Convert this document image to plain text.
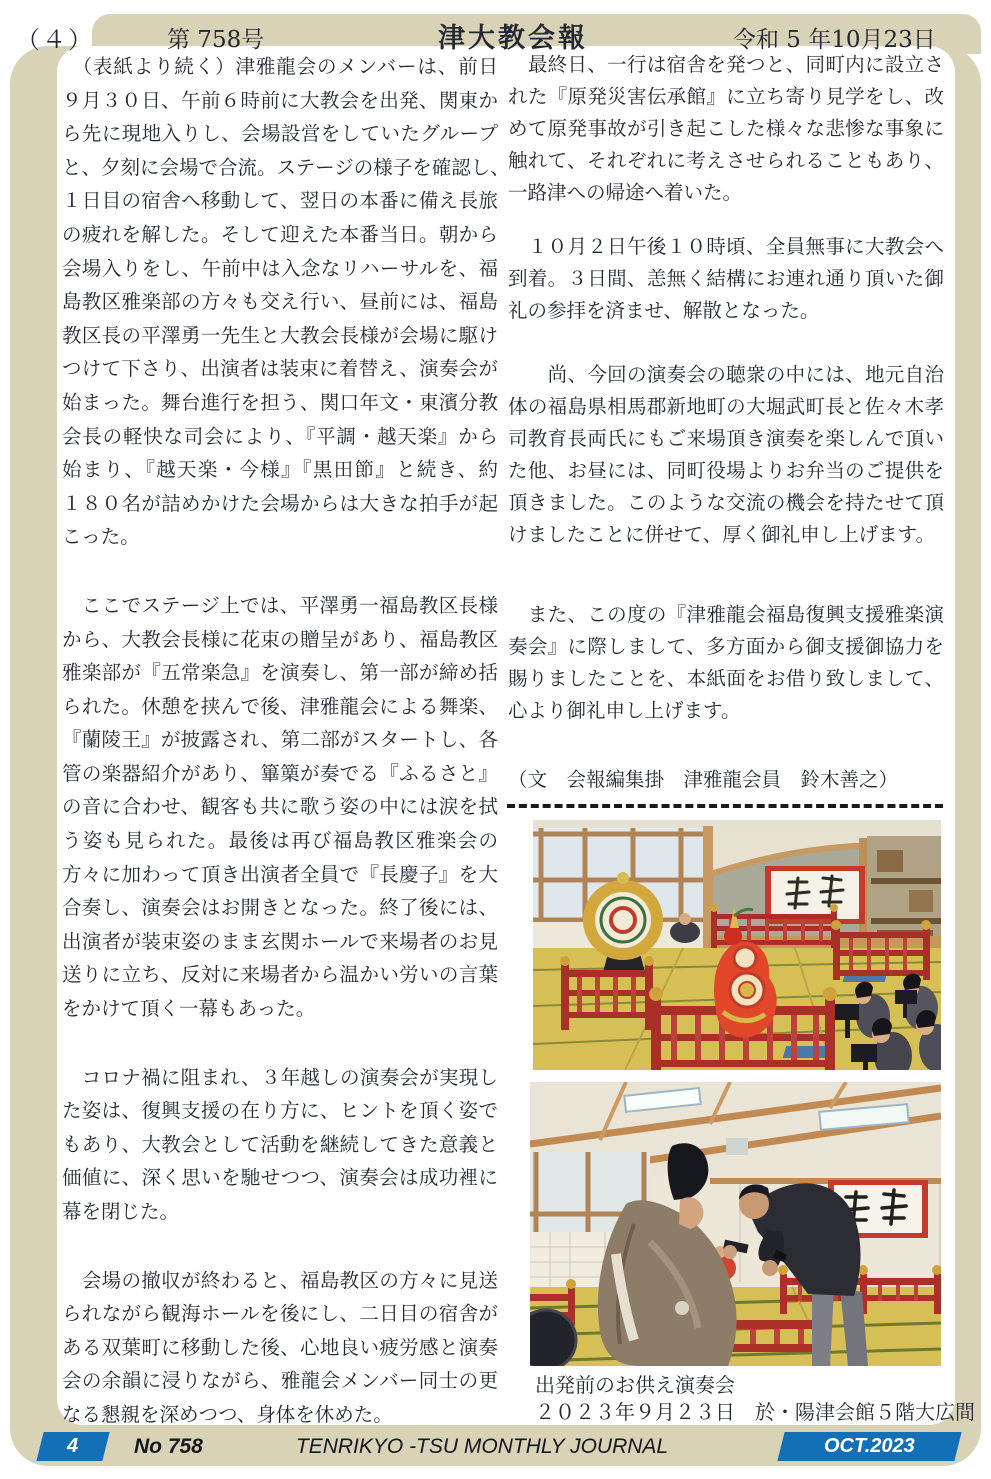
（４）	第 758号	津大教会報	令和 5 年10月23日
　（表紙より続く）津雅龍会のメンバーは、前日
９月３０日、午前６時前に大教会を出発、関東か
ら先に現地入りし、会場設営をしていたグループ
と、夕刻に会場で合流。ステージの様子を確認し、
１日目の宿舎へ移動して、翌日の本番に備え長旅
の疲れを解した。そして迎えた本番当日。朝から
会場入りをし、午前中は入念なリハーサルを、福
島教区雅楽部の方々も交え行い、昼前には、福島
教区長の平澤勇一先生と大教会長様が会場に駆け
つけて下さり、出演者は装束に着替え、演奏会が
始まった。舞台進行を担う、関口年文・東濱分教
会長の軽快な司会により、『平調・越天楽』から
始まり、『越天楽・今様』『黒田節』と続き、約
１８０名が詰めかけた会場からは大きな拍手が起
こった。
　ここでステージ上では、平澤勇一福島教区長様
から、大教会長様に花束の贈呈があり、福島教区
雅楽部が『五常楽急』を演奏し、第一部が締め括
られた。休憩を挟んで後、津雅龍会による舞楽、
『蘭陵王』が披露され、第二部がスタートし、各
管の楽器紹介があり、篳篥が奏でる『ふるさと』
の音に合わせ、観客も共に歌う姿の中には涙を拭
う姿も見られた。最後は再び福島教区雅楽会の
方々に加わって頂き出演者全員で『長慶子』を大
合奏し、演奏会はお開きとなった。終了後には、
出演者が装束姿のまま玄関ホールで来場者のお見
送りに立ち、反対に来場者から温かい労いの言葉
をかけて頂く一幕もあった。
　コロナ禍に阻まれ、３年越しの演奏会が実現し
た姿は、復興支援の在り方に、ヒントを頂く姿で
もあり、大教会として活動を継続してきた意義と
価値に、深く思いを馳せつつ、演奏会は成功裡に
幕を閉じた。
　会場の撤収が終わると、福島教区の方々に見送
られながら観海ホールを後にし、二日目の宿舎が
ある双葉町に移動した後、心地良い疲労感と演奏
会の余韻に浸りながら、雅龍会メンバー同士の更
なる懇親を深めつつ、身体を休めた。
　最終日、一行は宿舎を発つと、同町内に設立さ
れた『原発災害伝承館』に立ち寄り見学をし、改
めて原発事故が引き起こした様々な悲惨な事象に
触れて、それぞれに考えさせられることもあり、
一路津への帰途へ着いた。
　１０月２日午後１０時頃、全員無事に大教会へ
到着。３日間、恙無く結構にお連れ通り頂いた御
礼の参拝を済ませ、解散となった。
　　尚、今回の演奏会の聴衆の中には、地元自治
体の福島県相馬郡新地町の大堀武町長と佐々木孝
司教育長両氏にもご来場頂き演奏を楽しんで頂い
た他、お昼には、同町役場よりお弁当のご提供を
頂きました。このような交流の機会を持たせて頂
けましたことに併せて、厚く御礼申し上げます。
　また、この度の『津雅龍会福島復興支援雅楽演
奏会』に際しまして、多方面から御支援御協力を
賜りましたことを、本紙面をお借り致しまして、
心より御礼申し上げます。
（文　会報編集掛　津雅龍会員　鈴木善之）
出発前のお供え演奏会
２０２３年９月２３日　於・陽津会館５階大広間
4	No 758	TENRIKYO -TSU MONTHLY JOURNAL	OCT.2023
